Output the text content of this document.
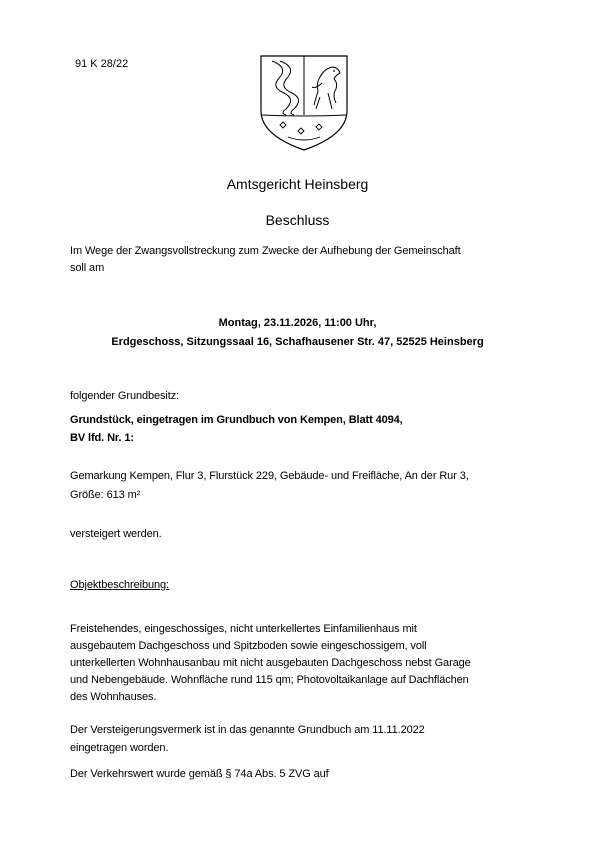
91 K 28/22
Amtsgericht Heinsberg
Beschluss
Im Wege der Zwangsvollstreckung zum Zwecke der Aufhebung der Gemeinschaft
soll am
Montag, 23.11.2026, 11:00 Uhr,
Erdgeschoss, Sitzungssaal 16, Schafhausener Str. 47, 52525 Heinsberg
folgender Grundbesitz:
Grundstück, eingetragen im Grundbuch von Kempen, Blatt 4094,
BV lfd. Nr. 1:
Gemarkung Kempen, Flur 3, Flurstück 229, Gebäude- und Freifläche, An der Rur 3,
Größe: 613 m²
versteigert werden.
Objektbeschreibung:
Freistehendes, eingeschossiges, nicht unterkellertes Einfamilienhaus mit
ausgebautem Dachgeschoss und Spitzboden sowie eingeschossigem, voll
unterkellerten Wohnhausanbau mit nicht ausgebauten Dachgeschoss nebst Garage
und Nebengebäude. Wohnfläche rund 115 qm; Photovoltaikanlage auf Dachflächen
des Wohnhauses.
Der Versteigerungsvermerk ist in das genannte Grundbuch am 11.11.2022
eingetragen worden.
Der Verkehrswert wurde gemäß § 74a Abs. 5 ZVG auf
